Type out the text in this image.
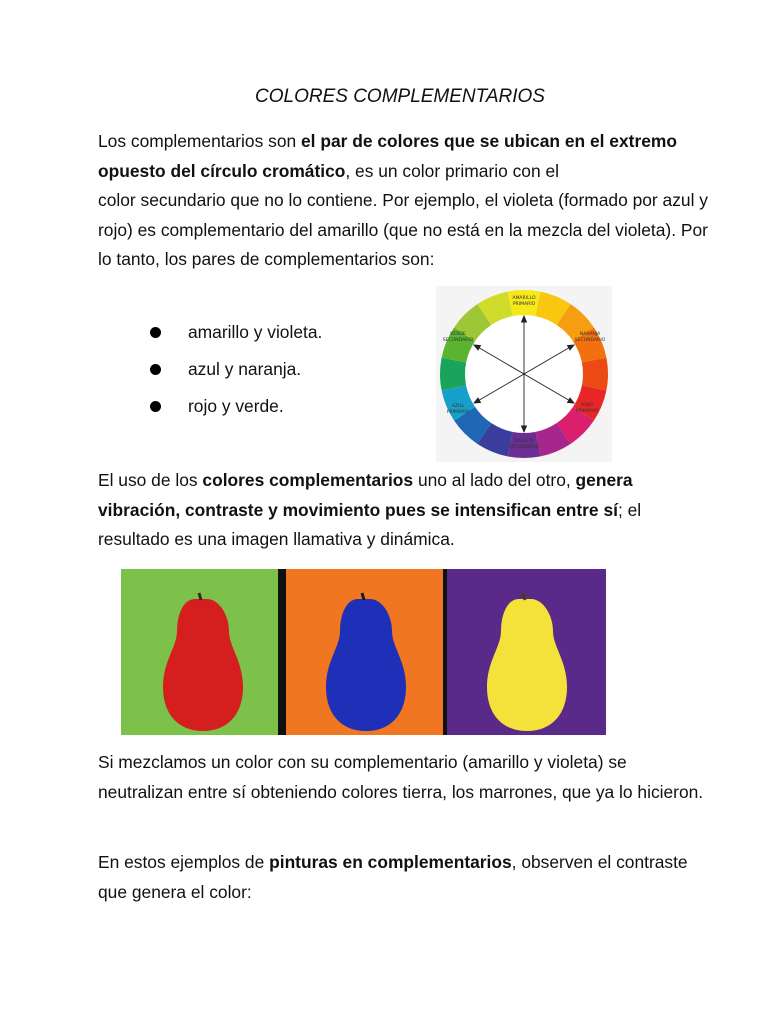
COLORES COMPLEMENTARIOS
Los complementarios son el par de colores que se ubican en el extremo opuesto del círculo cromático, es un color primario con el
color secundario que no lo contiene. Por ejemplo, el violeta (formado por azul y rojo) es complementario del amarillo (que no está en la mezcla del violeta). Por lo tanto, los pares de complementarios son:
amarillo y violeta.
azul y naranja.
rojo y verde.
AMARILLO
PRIMARIO
NARANJA
SECUNDARIO
ROJO
PRIMARIO
VIOLETA
SECUNDARIO
AZUL
PRIMARIO
VERDE
SECUNDARIO
El uso de los colores complementarios uno al lado del otro, genera vibración, contraste y movimiento pues se intensifican entre sí; el resultado es una imagen llamativa y dinámica.
Si mezclamos un color con su complementario (amarillo y violeta) se neutralizan entre sí obteniendo colores tierra, los marrones, que ya lo hicieron.
En estos ejemplos de pinturas en complementarios, observen el contraste que genera el color:
